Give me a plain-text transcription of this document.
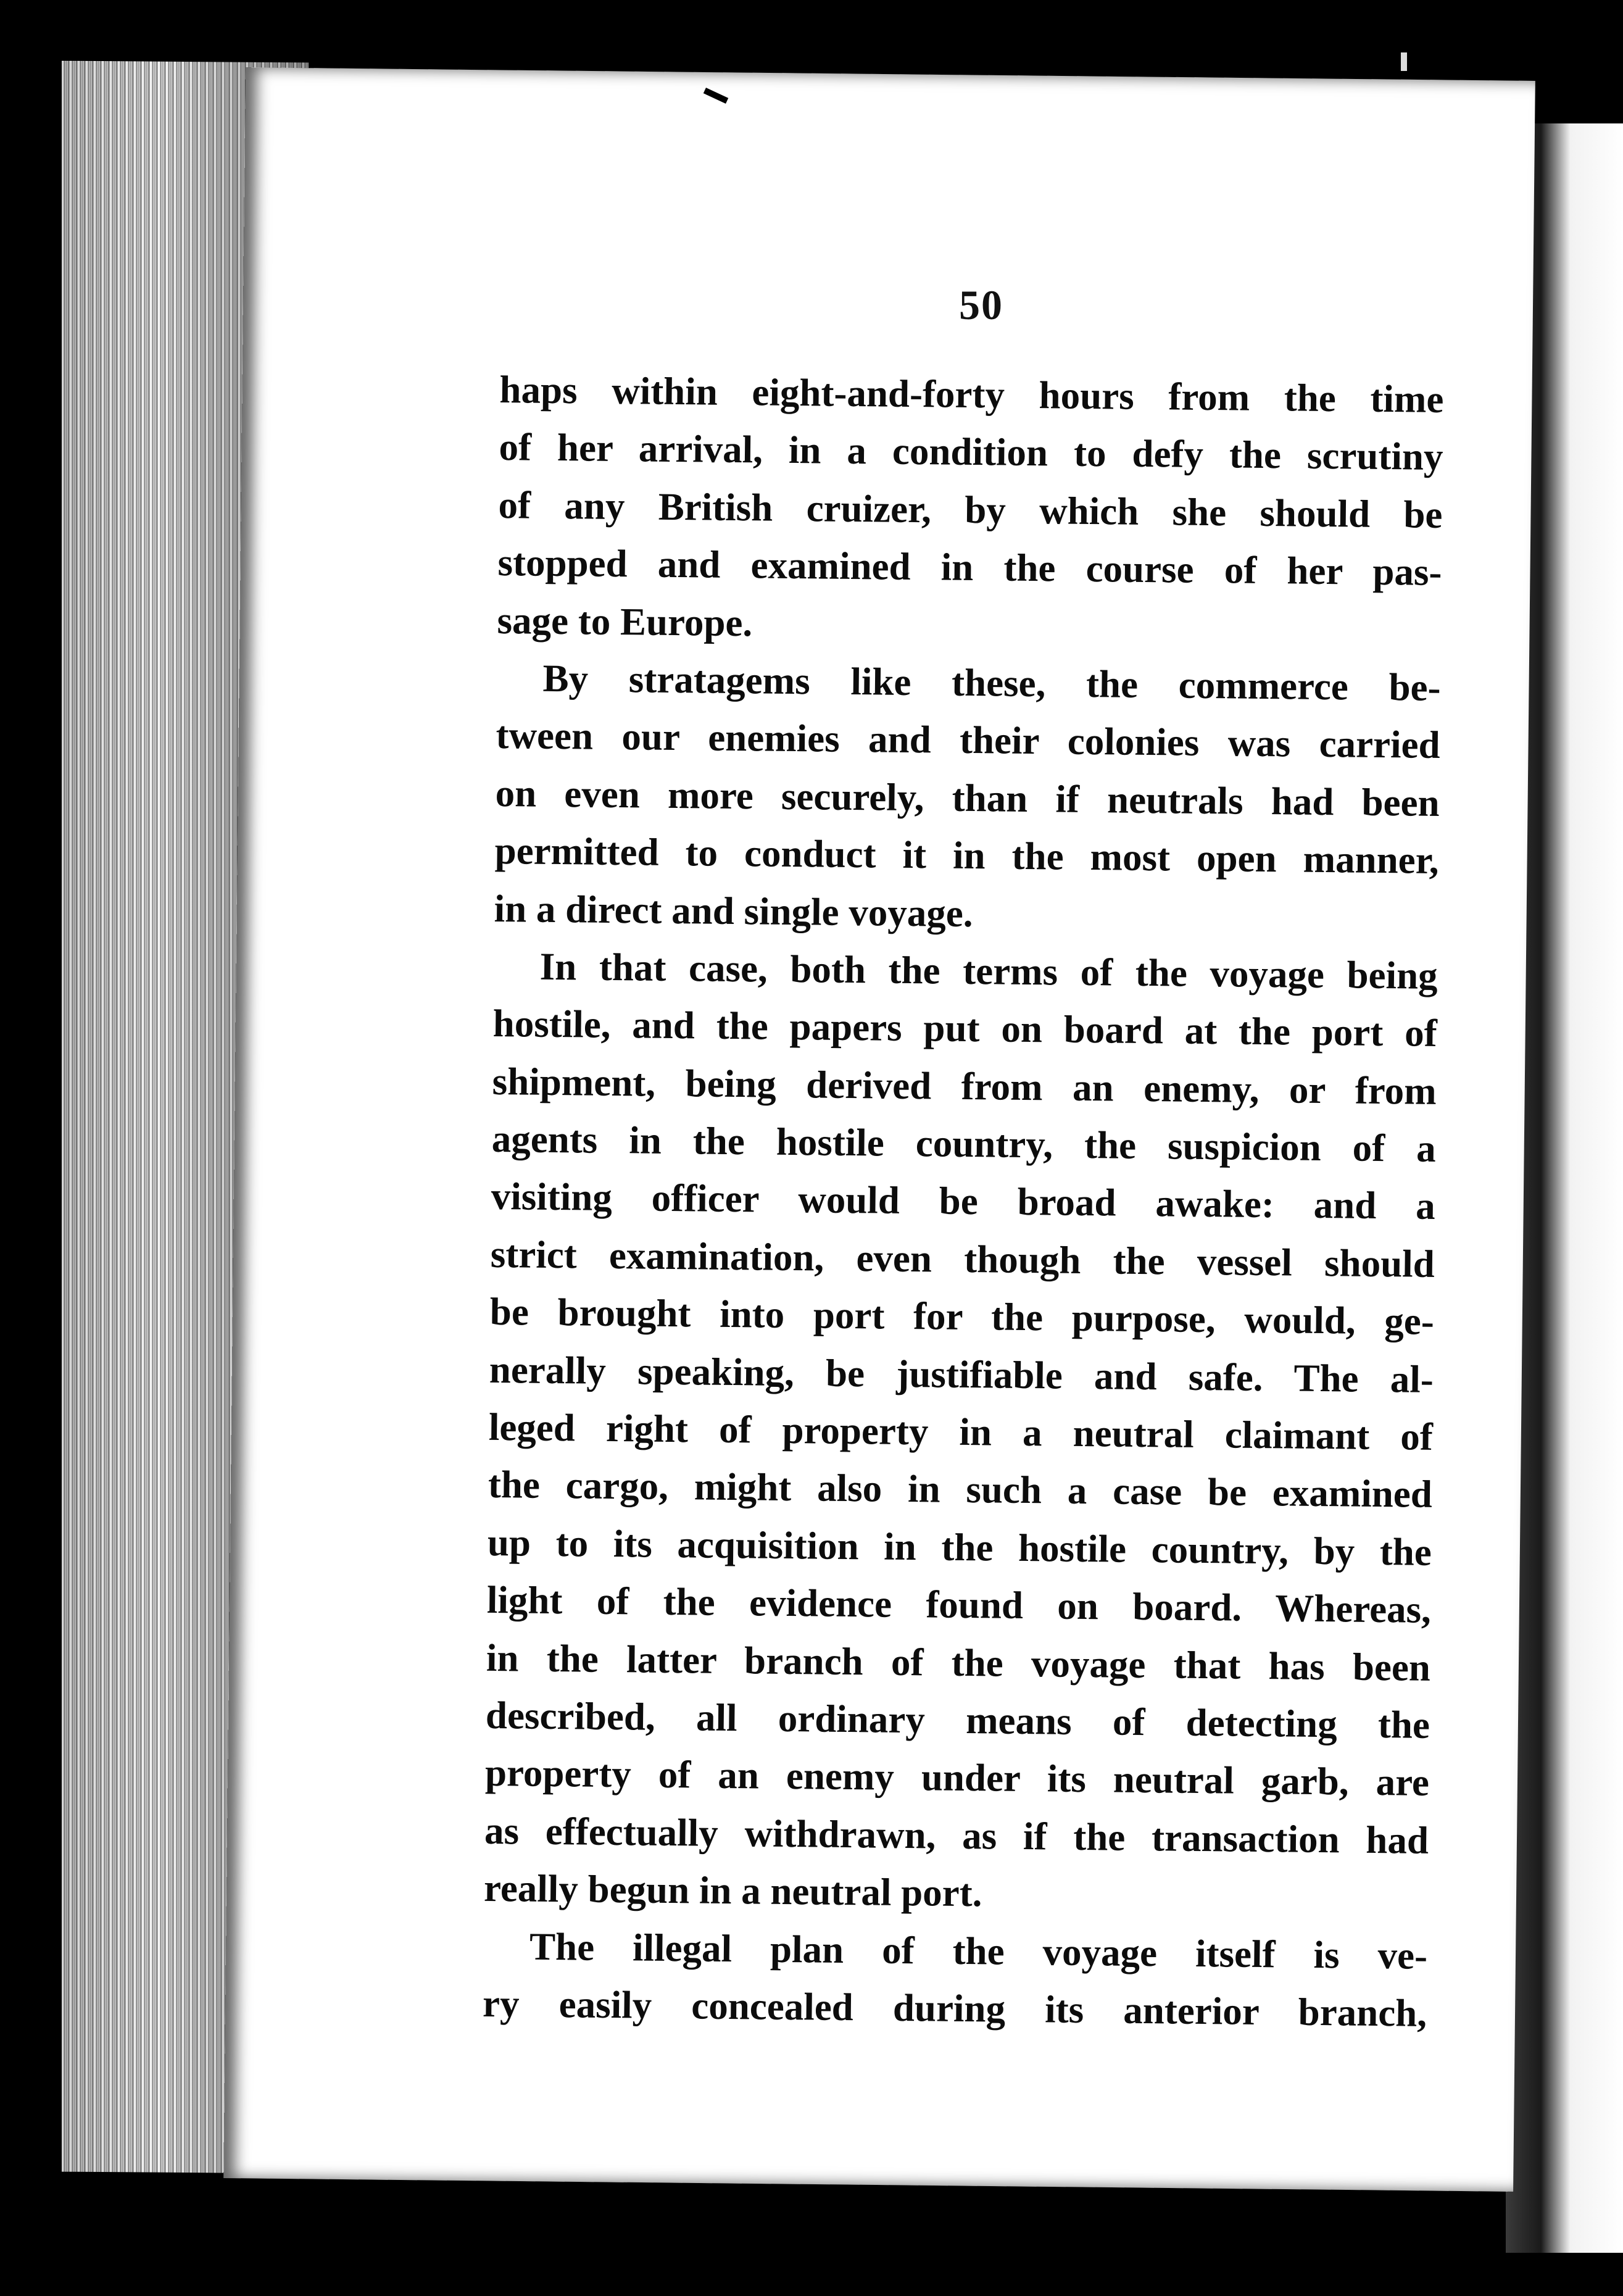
50
haps within eight-and-forty hours from the time
of her arrival, in a condition to defy the scrutiny
of any British cruizer, by which she should be
stopped and examined in the course of her pas-
sage to Europe.
By stratagems like these, the commerce be-
tween our enemies and their colonies was carried
on even more securely, than if neutrals had been
permitted to conduct it in the most open manner,
in a direct and single voyage.
In that case, both the terms of the voyage being
hostile, and the papers put on board at the port of
shipment, being derived from an enemy, or from
agents in the hostile country, the suspicion of a
visiting officer would be broad awake: and a
strict examination, even though the vessel should
be brought into port for the purpose, would, ge-
nerally speaking, be justifiable and safe. The al-
leged right of property in a neutral claimant of
the cargo, might also in such a case be examined
up to its acquisition in the hostile country, by the
light of the evidence found on board. Whereas,
in the latter branch of the voyage that has been
described, all ordinary means of detecting the
property of an enemy under its neutral garb, are
as effectually withdrawn, as if the transaction had
really begun in a neutral port.
The illegal plan of the voyage itself is ve-
ry easily concealed during its anterior branch,
